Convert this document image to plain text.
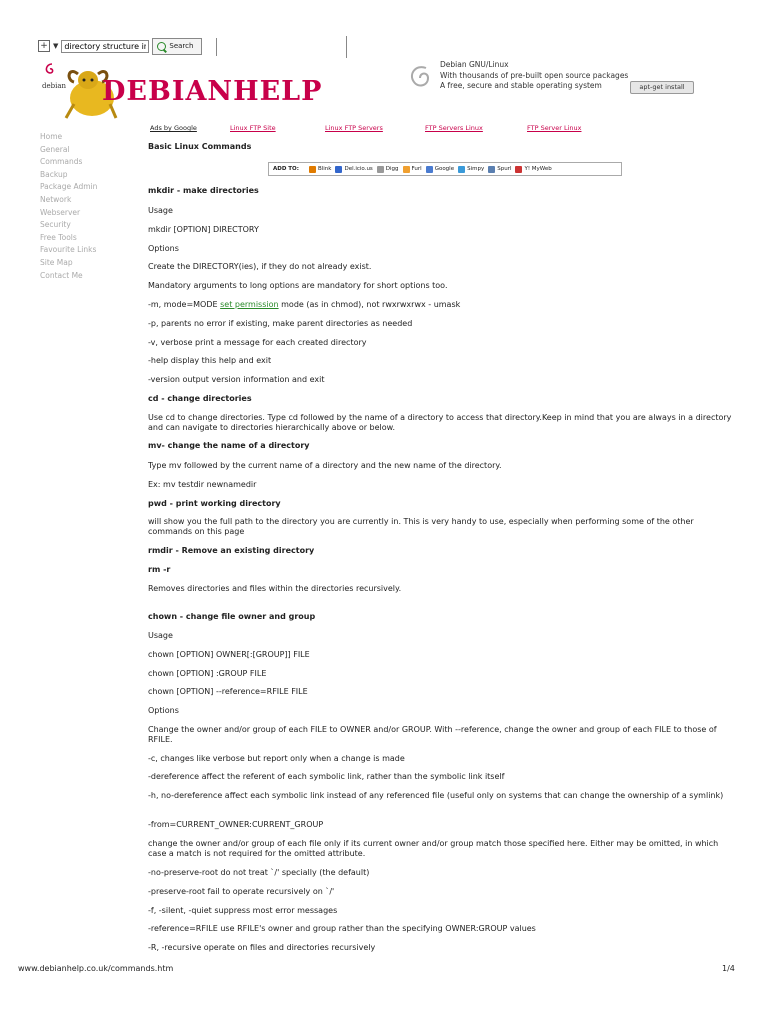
+ ▼
directory structure in lin	Search
debian DEBIANHELP
Debian GNU/Linux
With thousands of pre-built open source packages
A free, secure and stable operating system	apt-get install
Home
General
Commands
Backup
Package Admin
Network
Webserver
Security
Free Tools
Favourite Links
Site Map
Contact Me
Ads by Google	Linux FTP Site	Linux FTP Servers	FTP Servers Linux	FTP Server Linux
Basic Linux Commands
ADD TO:	Blink Del.icio.us Digg Furl Google Simpy Spurl Y! MyWeb
mkdir - make directories
Usage
mkdir [OPTION] DIRECTORY
Options
Create the DIRECTORY(ies), if they do not already exist.
Mandatory arguments to long options are mandatory for short options too.
-m, mode=MODE set permission mode (as in chmod), not rwxrwxrwx - umask
-p, parents no error if existing, make parent directories as needed
-v, verbose print a message for each created directory
-help display this help and exit
-version output version information and exit
cd - change directories
Use cd to change directories. Type cd followed by the name of a directory to access that directory.Keep in mind that you are always in a directory and can navigate to directories hierarchically above or below.
mv- change the name of a directory
Type mv followed by the current name of a directory and the new name of the directory.
Ex: mv testdir newnamedir
pwd - print working directory
will show you the full path to the directory you are currently in. This is very handy to use, especially when performing some of the other commands on this page
rmdir - Remove an existing directory
rm -r
Removes directories and files within the directories recursively.
chown - change file owner and group
Usage
chown [OPTION] OWNER[:[GROUP]] FILE
chown [OPTION] :GROUP FILE
chown [OPTION] --reference=RFILE FILE
Options
Change the owner and/or group of each FILE to OWNER and/or GROUP. With --reference, change the owner and group of each FILE to those of RFILE.
-c, changes like verbose but report only when a change is made
-dereference affect the referent of each symbolic link, rather than the symbolic link itself
-h, no-dereference affect each symbolic link instead of any referenced file (useful only on systems that can change the ownership of a symlink)
-from=CURRENT_OWNER:CURRENT_GROUP
change the owner and/or group of each file only if its current owner and/or group match those specified here. Either may be omitted, in which case a match is not required for the omitted attribute.
-no-preserve-root do not treat `/' specially (the default)
-preserve-root fail to operate recursively on `/'
-f, -silent, -quiet suppress most error messages
-reference=RFILE use RFILE's owner and group rather than the specifying OWNER:GROUP values
-R, -recursive operate on files and directories recursively
www.debianhelp.co.uk/commands.htm	1/4
